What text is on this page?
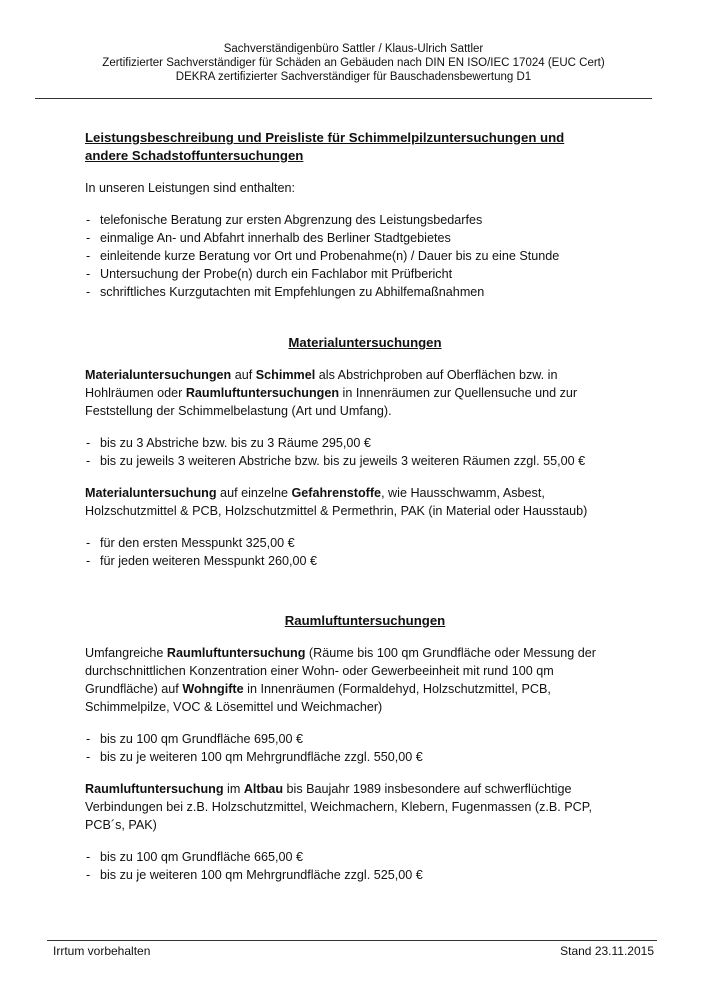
Sachverständigenbüro Sattler / Klaus-Ulrich Sattler
Zertifizierter Sachverständiger für Schäden an Gebäuden nach DIN EN ISO/IEC 17024 (EUC Cert)
DEKRA zertifizierter Sachverständiger für Bauschadensbewertung D1
Leistungsbeschreibung und Preisliste für Schimmelpilzuntersuchungen und
andere Schadstoffuntersuchungen

In unseren Leistungen sind enthalten:

- telefonische Beratung zur ersten Abgrenzung des Leistungsbedarfes
- einmalige An- und Abfahrt innerhalb des Berliner Stadtgebietes
- einleitende kurze Beratung vor Ort und Probenahme(n) / Dauer bis zu eine Stunde
- Untersuchung der Probe(n) durch ein Fachlabor mit Prüfbericht
- schriftliches Kurzgutachten mit Empfehlungen zu Abhilfemaßnahmen
Materialuntersuchungen

Materialuntersuchungen auf Schimmel als Abstrichproben auf Oberflächen bzw. in
Hohlräumen oder Raumluftuntersuchungen in Innenräumen zur Quellensuche und zur
Feststellung der Schimmelbelastung (Art und Umfang).

- bis zu 3 Abstriche bzw. bis zu 3 Räume 295,00 €
- bis zu jeweils 3 weiteren Abstriche bzw. bis zu jeweils 3 weiteren Räumen zzgl. 55,00 €

Materialuntersuchung auf einzelne Gefahrenstoffe, wie Hausschwamm, Asbest,
Holzschutzmittel & PCB, Holzschutzmittel & Permethrin, PAK (in Material oder Hausstaub)

- für den ersten Messpunkt 325,00 €
- für jeden weiteren Messpunkt 260,00 €
Raumluftuntersuchungen

Umfangreiche Raumluftuntersuchung (Räume bis 100 qm Grundfläche oder Messung der
durchschnittlichen Konzentration einer Wohn- oder Gewerbeeinheit mit rund 100 qm
Grundfläche) auf Wohngifte in Innenräumen (Formaldehyd, Holzschutzmittel, PCB,
Schimmelpilze, VOC & Lösemittel und Weichmacher)

- bis zu 100 qm Grundfläche 695,00 €
- bis zu je weiteren 100 qm Mehrgrundfläche zzgl. 550,00 €

Raumluftuntersuchung im Altbau bis Baujahr 1989 insbesondere auf schwerflüchtige
Verbindungen bei z.B. Holzschutzmittel, Weichmachern, Klebern, Fugenmassen (z.B. PCP,
PCB´s, PAK)

- bis zu 100 qm Grundfläche 665,00 €
- bis zu je weiteren 100 qm Mehrgrundfläche zzgl. 525,00 €
Irrtum vorbehalten	Stand 23.11.2015
